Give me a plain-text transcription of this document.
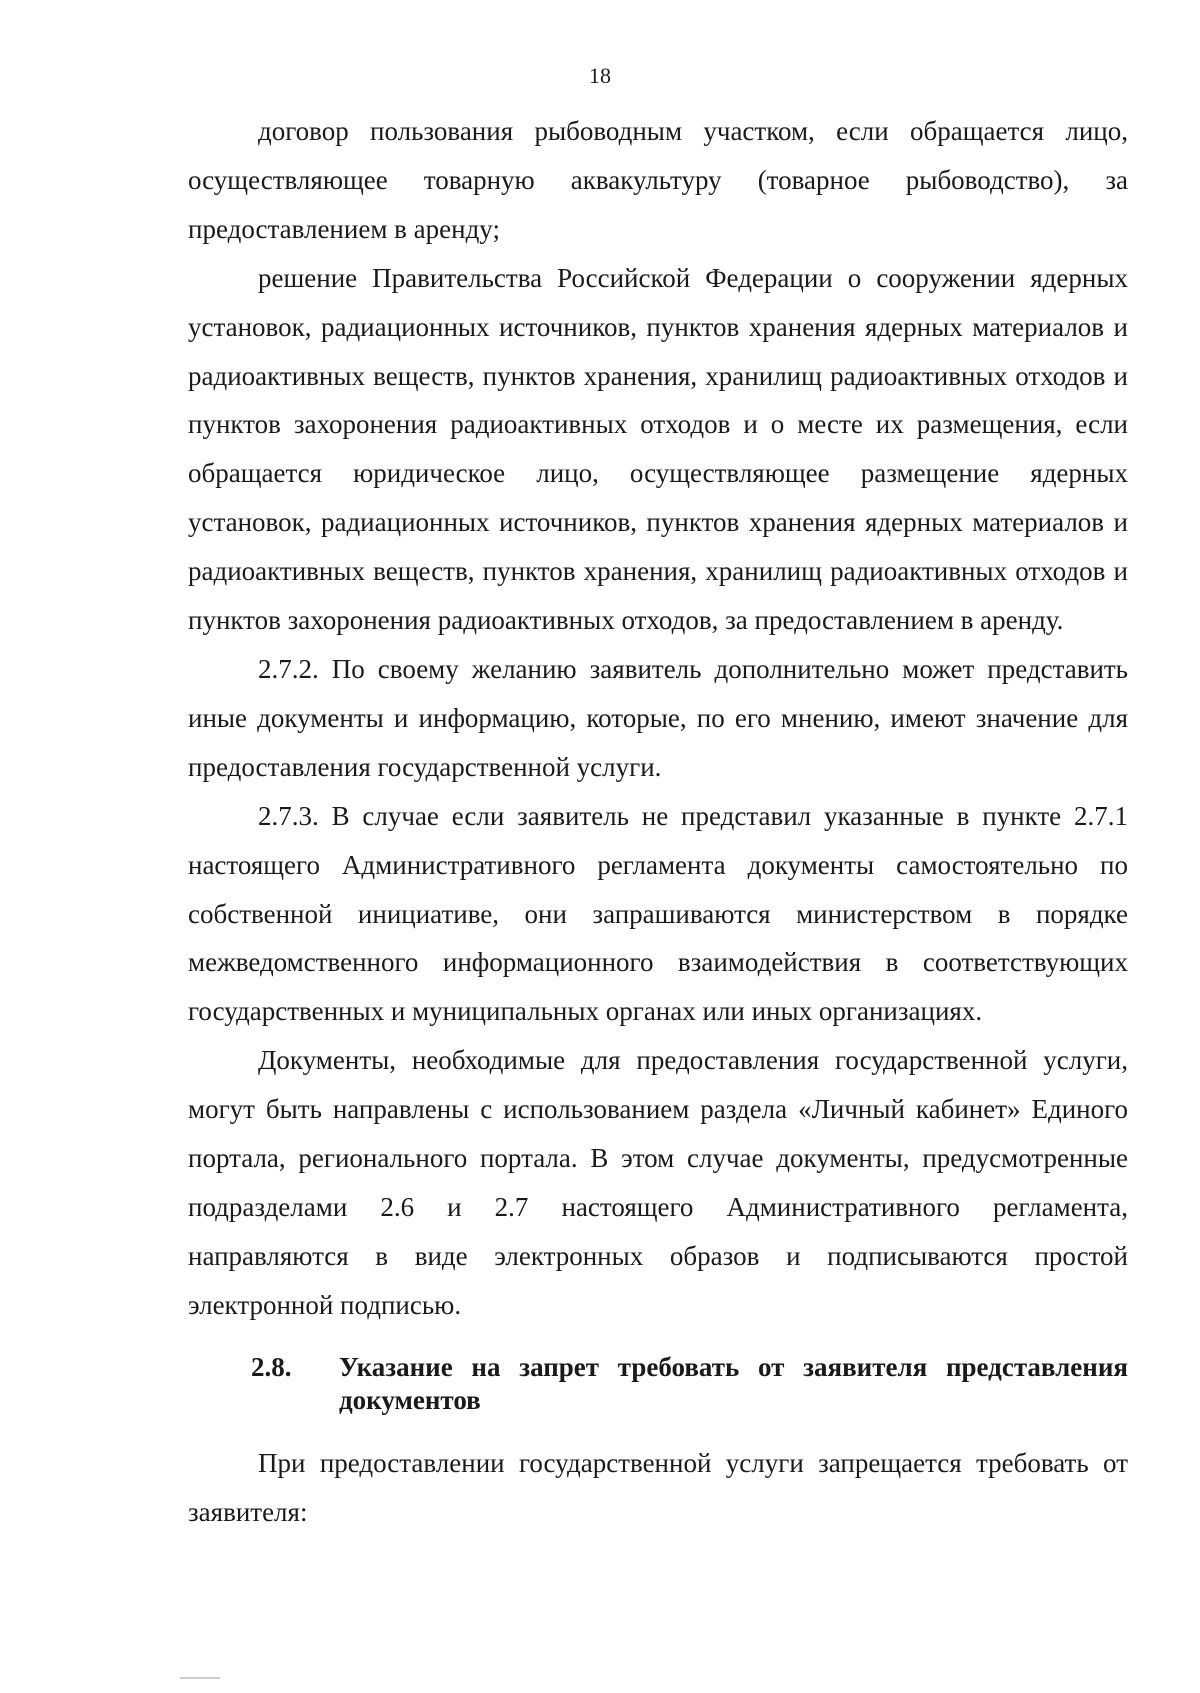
18

договор пользования рыбоводным участком, если обращается лицо, осуществляющее товарную аквакультуру (товарное рыбоводство), за предоставлением в аренду;

решение Правительства Российской Федерации о сооружении ядерных установок, радиационных источников, пунктов хранения ядерных материалов и радиоактивных веществ, пунктов хранения, хранилищ радиоактивных отходов и пунктов захоронения радиоактивных отходов и о месте их размещения, если обращается юридическое лицо, осуществляющее размещение ядерных установок, радиационных источников, пунктов хранения ядерных материалов и радиоактивных веществ, пунктов хранения, хранилищ радиоактивных отходов и пунктов захоронения радиоактивных отходов, за предоставлением в аренду.

2.7.2. По своему желанию заявитель дополнительно может представить иные документы и информацию, которые, по его мнению, имеют значение для предоставления государственной услуги.

2.7.3. В случае если заявитель не представил указанные в пункте 2.7.1 настоящего Административного регламента документы самостоятельно по собственной инициативе, они запрашиваются министерством в порядке межведомственного информационного взаимодействия в соответствующих государственных и муниципальных органах или иных организациях.

Документы, необходимые для предоставления государственной услуги, могут быть направлены с использованием раздела «Личный кабинет» Единого портала, регионального портала. В этом случае документы, предусмотренные подразделами 2.6 и 2.7 настоящего Административного регламента, направляются в виде электронных образов и подписываются простой электронной подписью.

2.8.	Указание на запрет требовать от заявителя представления документов

При предоставлении государственной услуги запрещается требовать от заявителя:
